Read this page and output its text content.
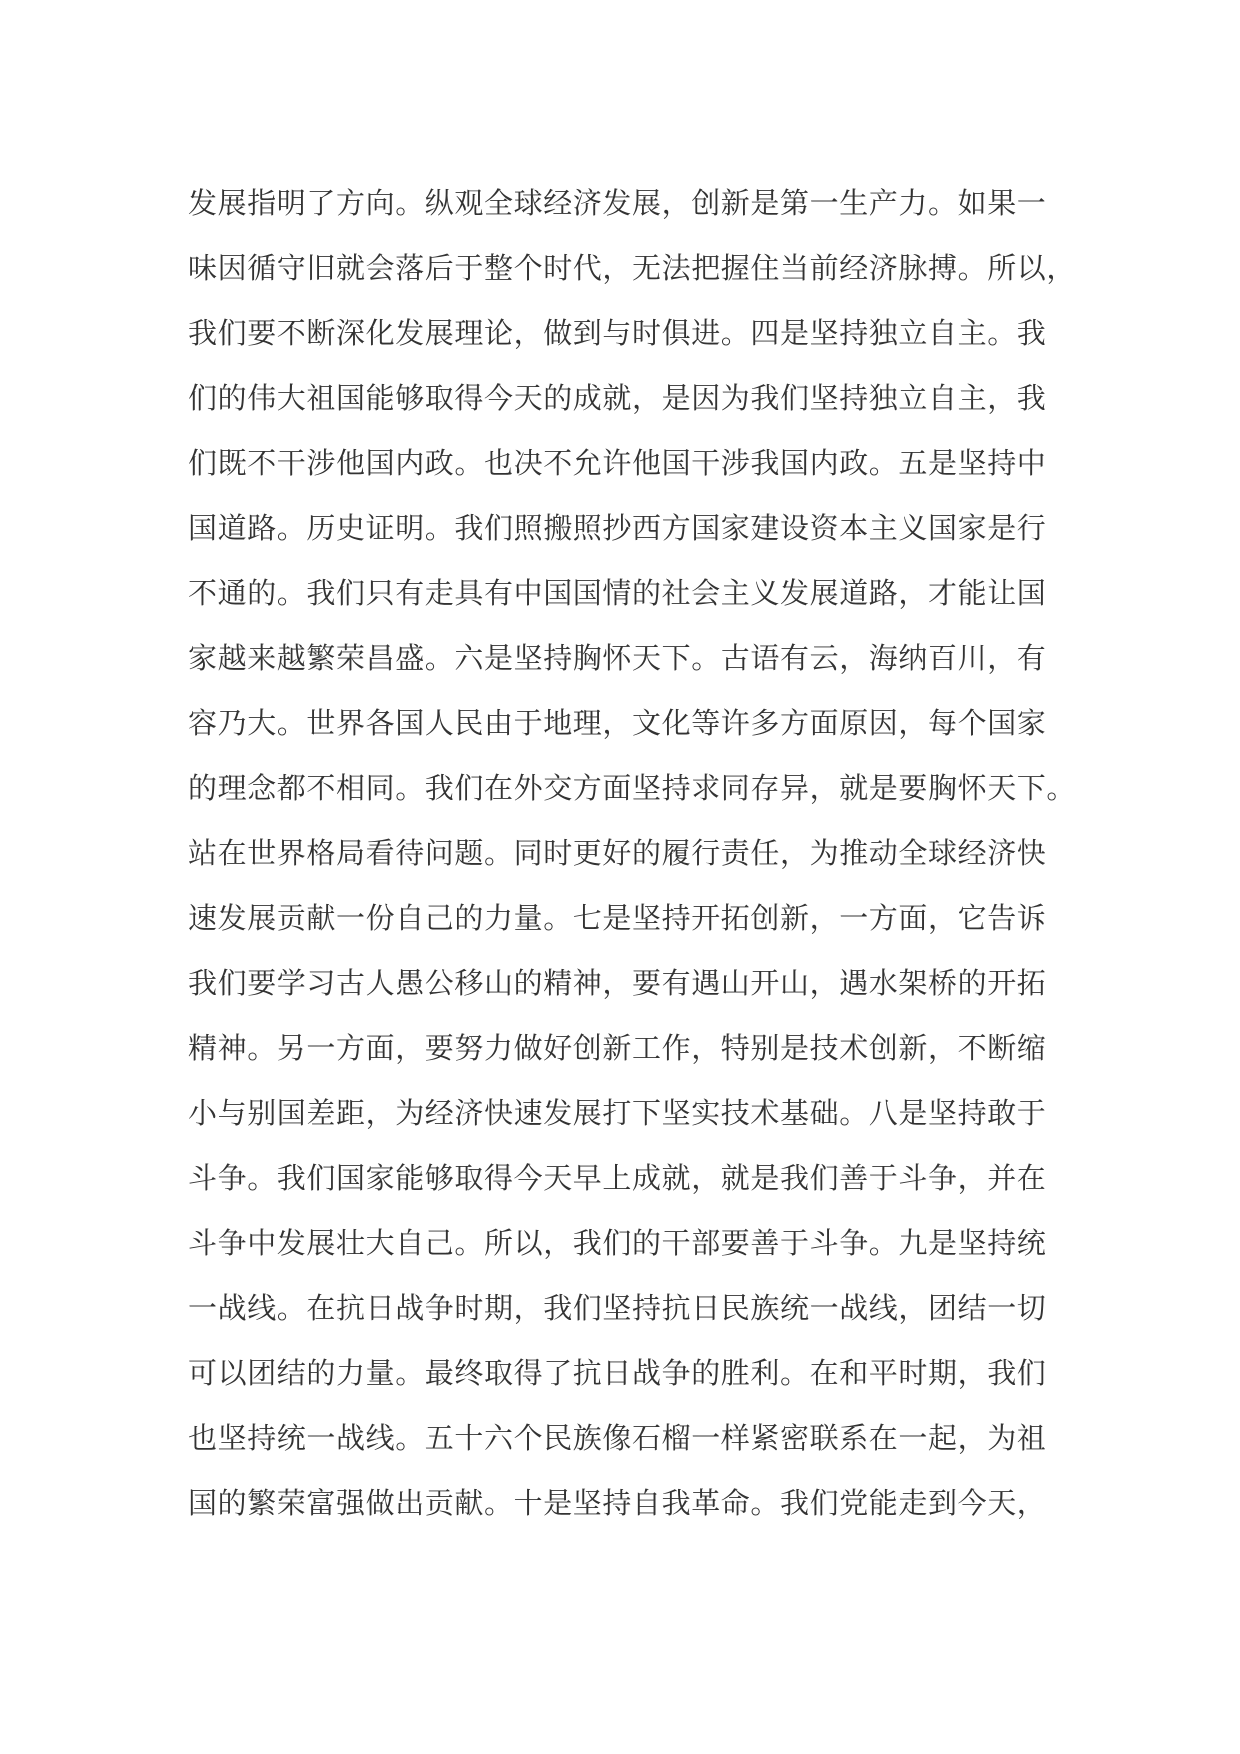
发展指明了方向。纵观全球经济发展，创新是第一生产力。如果一
味因循守旧就会落后于整个时代，无法把握住当前经济脉搏。所以，
我们要不断深化发展理论，做到与时俱进。四是坚持独立自主。我
们的伟大祖国能够取得今天的成就，是因为我们坚持独立自主，我
们既不干涉他国内政。也决不允许他国干涉我国内政。五是坚持中
国道路。历史证明。我们照搬照抄西方国家建设资本主义国家是行
不通的。我们只有走具有中国国情的社会主义发展道路，才能让国
家越来越繁荣昌盛。六是坚持胸怀天下。古语有云，海纳百川，有
容乃大。世界各国人民由于地理，文化等许多方面原因，每个国家
的理念都不相同。我们在外交方面坚持求同存异，就是要胸怀天下。
站在世界格局看待问题。同时更好的履行责任，为推动全球经济快
速发展贡献一份自己的力量。七是坚持开拓创新，一方面，它告诉
我们要学习古人愚公移山的精神，要有遇山开山，遇水架桥的开拓
精神。另一方面，要努力做好创新工作，特别是技术创新，不断缩
小与别国差距，为经济快速发展打下坚实技术基础。八是坚持敢于
斗争。我们国家能够取得今天早上成就，就是我们善于斗争，并在
斗争中发展壮大自己。所以，我们的干部要善于斗争。九是坚持统
一战线。在抗日战争时期，我们坚持抗日民族统一战线，团结一切
可以团结的力量。最终取得了抗日战争的胜利。在和平时期，我们
也坚持统一战线。五十六个民族像石榴一样紧密联系在一起，为祖
国的繁荣富强做出贡献。十是坚持自我革命。我们党能走到今天，
